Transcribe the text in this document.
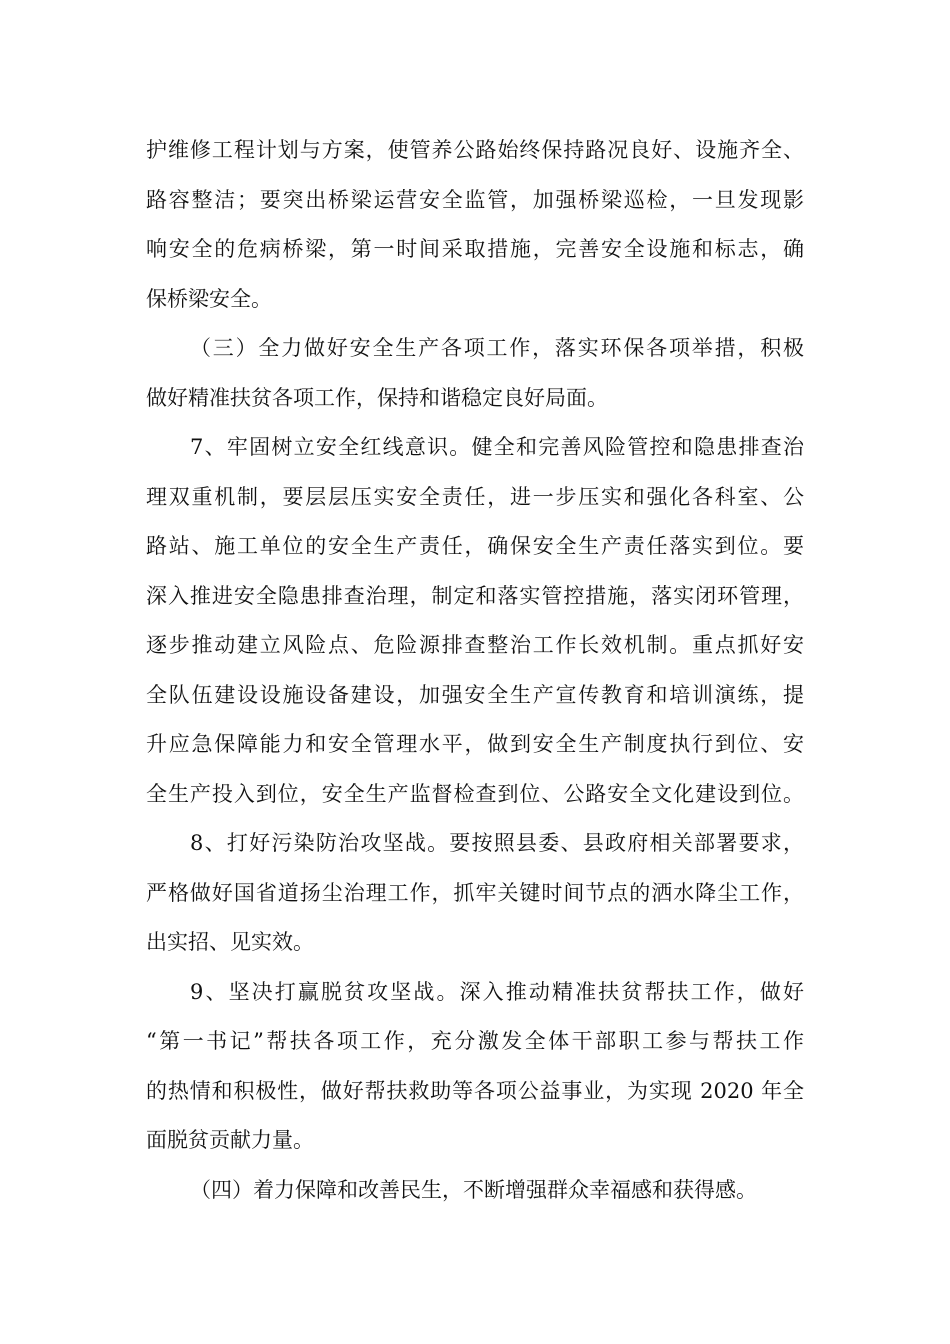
护维修工程计划与方案，使管养公路始终保持路况良好、设施齐全、
路容整洁；要突出桥梁运营安全监管，加强桥梁巡检，一旦发现影
响安全的危病桥梁，第一时间采取措施，完善安全设施和标志，确
保桥梁安全。
（三）全力做好安全生产各项工作，落实环保各项举措，积极
做好精准扶贫各项工作，保持和谐稳定良好局面。
7、牢固树立安全红线意识。健全和完善风险管控和隐患排查治
理双重机制，要层层压实安全责任，进一步压实和强化各科室、公
路站、施工单位的安全生产责任，确保安全生产责任落实到位。要
深入推进安全隐患排查治理，制定和落实管控措施，落实闭环管理，
逐步推动建立风险点、危险源排查整治工作长效机制。重点抓好安
全队伍建设设施设备建设，加强安全生产宣传教育和培训演练，提
升应急保障能力和安全管理水平，做到安全生产制度执行到位、安
全生产投入到位，安全生产监督检查到位、公路安全文化建设到位。
8、打好污染防治攻坚战。要按照县委、县政府相关部署要求，
严格做好国省道扬尘治理工作，抓牢关键时间节点的洒水降尘工作，
出实招、见实效。
9、坚决打赢脱贫攻坚战。深入推动精准扶贫帮扶工作，做好
“第一书记”帮扶各项工作，充分激发全体干部职工参与帮扶工作
的热情和积极性，做好帮扶救助等各项公益事业，为实现 2020 年全
面脱贫贡献力量。
（四）着力保障和改善民生，不断增强群众幸福感和获得感。
